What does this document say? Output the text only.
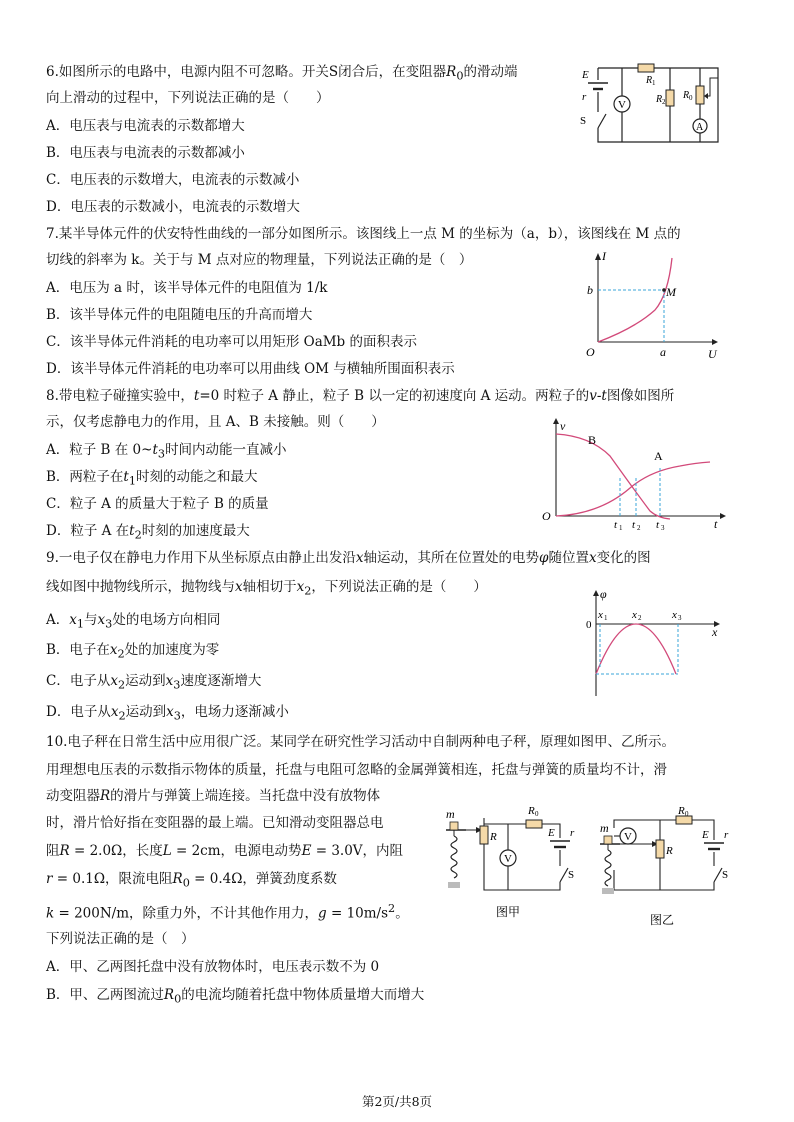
6.如图所示的电路中，电源内阻不可忽略。开关S闭合后，在变阻器$R_0$的滑动端
向上滑动的过程中，下列说法正确的是（　　）
A．电压表与电流表的示数都增大
B．电压表与电流表的示数都减小
C．电压表的示数增大，电流表的示数减小
D．电压表的示数减小，电流表的示数增大
V
R 1
R 2
R 0
A
E
r
S
7.某半导体元件的伏安特性曲线的一部分如图所示。该图线上一点 M 的坐标为（a，b），该图线在 M 点的
切线的斜率为 k。关于与 M 点对应的物理量，下列说法正确的是（　）
A．电压为 a 时，该半导体元件的电阻值为 1/k
B．该半导体元件的电阻随电压的升高而增大
C．该半导体元件消耗的电功率可以用矩形 OaMb 的面积表示
D．该半导体元件消耗的电功率可以用曲线 OM 与横轴所围面积表示
I
U
O	a
b	M
8.带电粒子碰撞实验中，t=0 时粒子 A 静止，粒子 B 以一定的初速度向 A 运动。两粒子的v-t图像如图所
示，仅考虑静电力的作用，且 A、B 未接触。则（　　）
A．粒子 B 在 $0\sim t_3$时间内动能一直减小
B．两粒子在$t_1$时刻的动能之和最大
C．粒子 A 的质量大于粒子 B 的质量
D．粒子 A 在$t_2$时刻的加速度最大
v
B
A
O
t
t 1 t 2 t 3
9.一电子仅在静电力作用下从坐标原点由静止出发沿x轴运动，其所在位置处的电势φ随位置x变化的图
线如图中抛物线所示，抛物线与x轴相切于$x_2$，下列说法正确的是（　　）
A．$x_1$与$x_3$处的电场方向相同
B．电子在$x_2$处的加速度为零
C．电子从$x_2$运动到$x_3$速度逐渐增大
D．电子从$x_2$运动到$x_3$，电场力逐渐减小
φ
0	x
x 1 x 2	x 3
10.电子秤在日常生活中应用很广泛。某同学在研究性学习活动中自制两种电子秤，原理如图甲、乙所示。
用理想电压表的示数指示物体的质量，托盘与电阻可忽略的金属弹簧相连，托盘与弹簧的质量均不计，滑
动变阻器R的滑片与弹簧上端连接。当托盘中没有放物体
时，滑片恰好指在变阻器的最上端。已知滑动变阻器总电
阻R = 2.0Ω，长度L = 2cm，电源电动势E = 3.0V，内阻
r = 0.1Ω，限流电阻$R_0 = 0.4\Omega$，弹簧劲度系数
k = 200N/m，除重力外，不计其他作用力，$g = 10m/s^2$。
下列说法正确的是（　）
A．甲、乙两图托盘中没有放物体时，电压表示数不为 0
B．甲、乙两图流过$R_0$的电流均随着托盘中物体质量增大而增大
V
m
R
R 0
E r
S
图甲
V
m
R
R 0
E r
S
图乙
第2页/共8页
